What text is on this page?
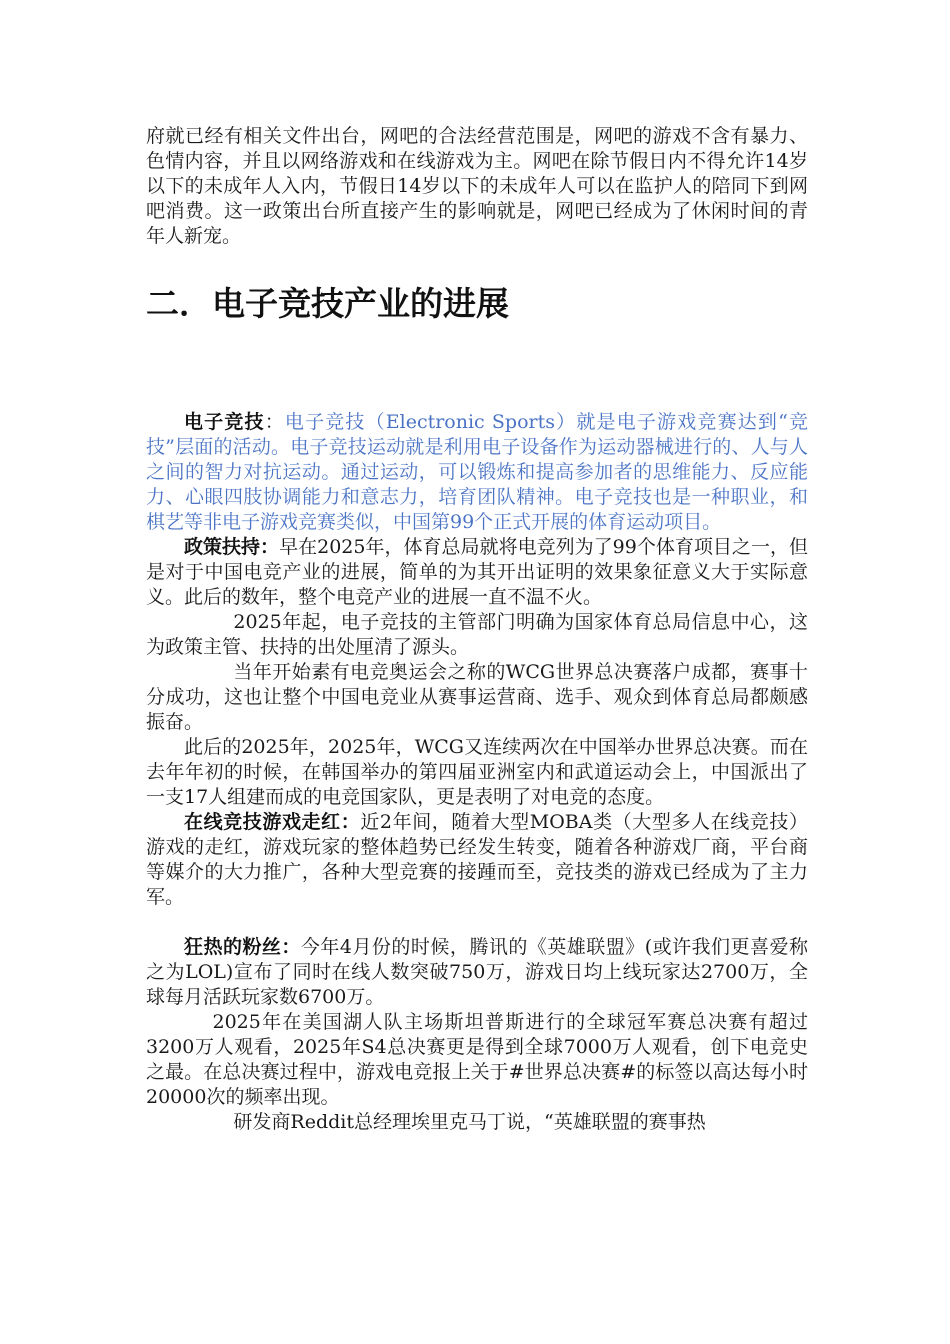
府就已经有相关文件出台，网吧的合法经营范围是，网吧的游戏不含有暴力、色情内容，并且以网络游戏和在线游戏为主。网吧在除节假日内不得允许14岁以下的未成年人入内，节假日14岁以下的未成年人可以在监护人的陪同下到网吧消费。这一政策出台所直接产生的影响就是，网吧已经成为了休闲时间的青年人新宠。

二．电子竞技产业的进展

电子竞技：电子竞技（Electronic Sports）就是电子游戏竞赛达到“竞技”层面的活动。电子竞技运动就是利用电子设备作为运动器械进行的、人与人之间的智力对抗运动。通过运动，可以锻炼和提高参加者的思维能力、反应能力、心眼四肢协调能力和意志力，培育团队精神。电子竞技也是一种职业，和棋艺等非电子游戏竞赛类似，中国第99个正式开展的体育运动项目。

政策扶持：早在2025年，体育总局就将电竞列为了99个体育项目之一，但是对于中国电竞产业的进展，简单的为其开出证明的效果象征意义大于实际意义。此后的数年，整个电竞产业的进展一直不温不火。

2025年起，电子竞技的主管部门明确为国家体育总局信息中心，这为政策主管、扶持的出处厘清了源头。

当年开始素有电竞奥运会之称的WCG世界总决赛落户成都，赛事十分成功，这也让整个中国电竞业从赛事运营商、选手、观众到体育总局都颇感振奋。

此后的2025年，2025年，WCG又连续两次在中国举办世界总决赛。而在去年年初的时候，在韩国举办的第四届亚洲室内和武道运动会上，中国派出了一支17人组建而成的电竞国家队，更是表明了对电竞的态度。

在线竞技游戏走红：近2年间，随着大型MOBA类（大型多人在线竞技）游戏的走红，游戏玩家的整体趋势已经发生转变，随着各种游戏厂商，平台商等媒介的大力推广，各种大型竞赛的接踵而至，竞技类的游戏已经成为了主力军。

狂热的粉丝：今年4月份的时候，腾讯的《英雄联盟》(或许我们更喜爱称之为LOL)宣布了同时在线人数突破750万，游戏日均上线玩家达2700万，全球每月活跃玩家数6700万。

2025年在美国湖人队主场斯坦普斯进行的全球冠军赛总决赛有超过3200万人观看，2025年S4总决赛更是得到全球7000万人观看，创下电竞史之最。在总决赛过程中，游戏电竞报上关于#世界总决赛#的标签以高达每小时20000次的频率出现。

研发商Reddit总经理埃里克马丁说，“英雄联盟的赛事热
